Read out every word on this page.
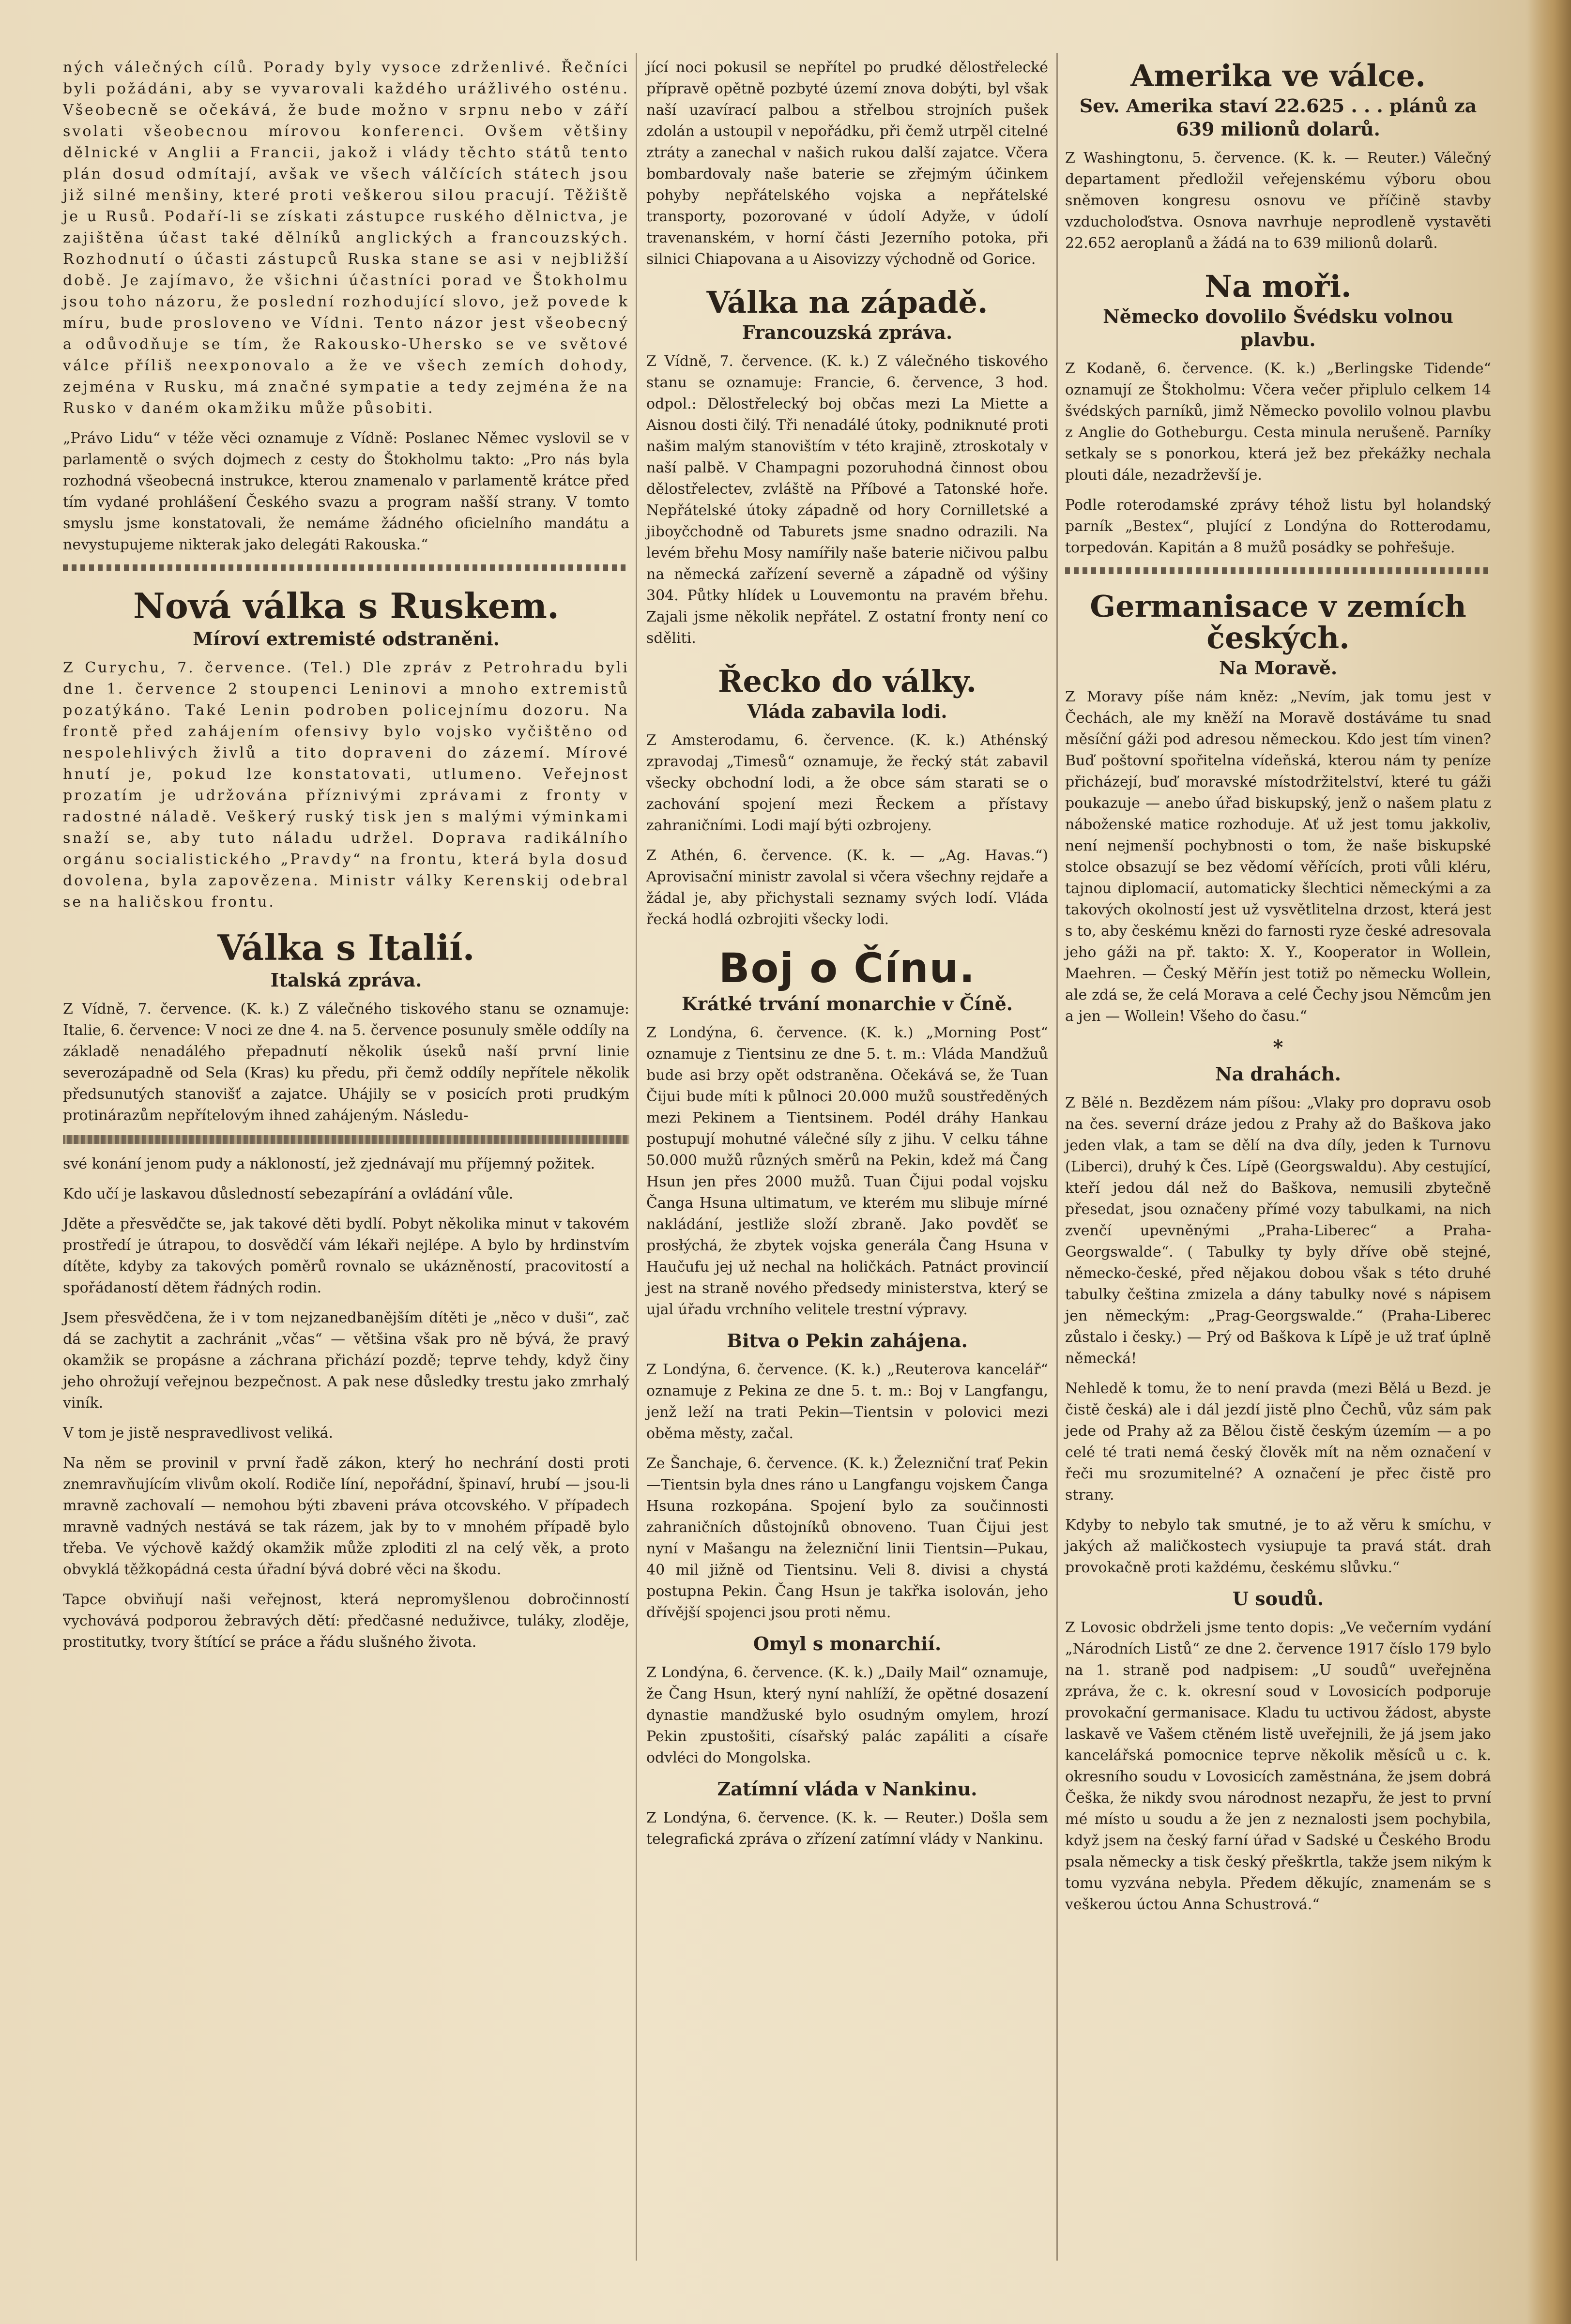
ných válečných cílů. Porady byly vysoce zdrženlivé. Řečníci byli požádáni, aby se vyvarovali každého urážlivého osténu. Všeobecně se očekává, že bude možno v srpnu nebo v září svolati všeobecnou mírovou konferenci. Ovšem většiny dělnické v Anglii a Francii, jakož i vlády těchto států tento plán dosud odmítají, avšak ve všech válčících státech jsou již silné menšiny, které proti veškerou silou pracují. Těžiště je u Rusů. Podaří-li se získati zástupce ruského dělnictva, je zajištěna účast také dělníků anglických a francouzských. Rozhodnutí o účasti zástupců Ruska stane se asi v nejbližší době. Je zajímavo, že všichni účastníci porad ve Štokholmu jsou toho názoru, že poslední rozhodující slovo, jež povede k míru, bude prosloveno ve Vídni. Tento názor jest všeobecný a odůvodňuje se tím, že Rakousko-Uhersko se ve světové válce příliš neexponovalo a že ve všech zemích dohody, zejména v Rusku, má značné sympatie a tedy zejména že na Rusko v daném okamžiku může působiti.

„Právo Lidu“ v téže věci oznamuje z Vídně: Poslanec Němec vyslovil se v parlamentě o svých dojmech z cesty do Štokholmu takto: „Pro nás byla rozhodná všeobecná instrukce, kterou znamenalo v parlamentě krátce před tím vydané prohlášení Českého svazu a program našší strany. V tomto smyslu jsme konstatovali, že nemáme žádného oficielního mandátu a nevystupujeme nikterak jako delegáti Rakouska.“

Nová válka s Ruskem.
Míroví extremisté odstraněni.

Z Curychu, 7. července. (Tel.) Dle zpráv z Petrohradu byli dne 1. července 2 stoupenci Leninovi a mnoho extremistů pozatýkáno. Také Lenin podroben policejnímu dozoru. Na frontě před zahájením ofensivy bylo vojsko vyčištěno od nespolehlivých živlů a tito dopraveni do zázemí. Mírové hnutí je, pokud lze konstatovati, utlumeno. Veřejnost prozatím je udržována příznivými zprávami z fronty v radostné náladě. Veškerý ruský tisk jen s malými výminkami snaží se, aby tuto náladu udržel. Doprava radikálního orgánu socialistického „Pravdy“ na frontu, která byla dosud dovolena, byla zapovězena. Ministr války Kerenskij odebral se na haličskou frontu.

Válka s Italií.
Italská zpráva.

Z Vídně, 7. července. (K. k.) Z válečného tiskového stanu se oznamuje: Italie, 6. července: V noci ze dne 4. na 5. července posunuly směle oddíly na základě nenadálého přepadnutí několik úseků naší první linie severozápadně od Sela (Kras) ku předu, při čemž oddíly nepřítele několik předsunutých stanovišť a zajatce. Uhájily se v posicích proti prudkým protinárazům nepřítelovým ihned zahájeným. Následu-

své konání jenom pudy a nákloností, jež zjednávají mu příjemný požitek.

Kdo učí je laskavou důsledností sebezapírání a ovládání vůle.

Jděte a přesvědčte se, jak takové děti bydlí. Pobyt několika minut v takovém prostředí je útrapou, to dosvědčí vám lékaři nejlépe. A bylo by hrdinstvím dítěte, kdyby za takových poměrů rovnalo se ukázněností, pracovitostí a spořádaností dětem řádných rodin.

Jsem přesvědčena, že i v tom nejzanedbanějším dítěti je „něco v duši“, zač dá se zachytit a zachránit „včas“ — většina však pro ně bývá, že pravý okamžik se propásne a záchrana přichází pozdě; teprve tehdy, když činy jeho ohrožují veřejnou bezpečnost. A pak nese důsledky trestu jako zmrhalý viník.

V tom je jistě nespravedlivost veliká.

Na něm se provinil v první řadě zákon, který ho nechrání dosti proti znemravňujícím vlivům okolí. Rodiče líní, nepořádní, špinaví, hrubí — jsou-li mravně zachovalí — nemohou býti zbaveni práva otcovského. V případech mravně vadných nestává se tak rázem, jak by to v mnohém případě bylo třeba. Ve výchově každý okamžik může zploditi zl na celý věk, a proto obvyklá těžkopádná cesta úřadní bývá dobré věci na škodu.

Tapce obviňují naši veřejnost, která nepromyšlenou dobročinností vychovává podporou žebravých dětí: předčasné neduživce, tuláky, zloděje, prostitutky, tvory štítící se práce a řádu slušného života.

jící noci pokusil se nepřítel po prudké dělostřelecké přípravě opětně pozbyté území znova dobýti, byl však naší uzavírací palbou a střelbou strojních pušek zdolán a ustoupil v nepořádku, při čemž utrpěl citelné ztráty a zanechal v našich rukou další zajatce. Včera bombardovaly naše baterie se zřejmým účinkem pohyby nepřátelského vojska a nepřátelské transporty, pozorované v údolí Adyže, v údolí travenanském, v horní části Jezerního potoka, při silnici Chiapovana a u Aisovizzy východně od Gorice.

Válka na západě.
Francouzská zpráva.

Z Vídně, 7. července. (K. k.) Z válečného tiskového stanu se oznamuje: Francie, 6. července, 3 hod. odpol.: Dělostřelecký boj občas mezi La Miette a Aisnou dosti čilý. Tři nenadálé útoky, podniknuté proti našim malým stanovištím v této krajině, ztroskotaly v naší palbě. V Champagni pozoruhodná činnost obou dělostřelectev, zvláště na Příbové a Tatonské hoře. Nepřátelské útoky západně od hory Cornilletské a jiboyčchodně od Taburets jsme snadno odrazili. Na levém břehu Mosy namířily naše baterie ničivou palbu na německá zařízení severně a západně od výšiny 304. Půtky hlídek u Louvemontu na pravém břehu. Zajali jsme několik nepřátel. Z ostatní fronty není co sděliti.

Řecko do války.
Vláda zabavila lodi.

Z Amsterodamu, 6. července. (K. k.) Athénský zpravodaj „Timesů“ oznamuje, že řecký stát zabavil všecky obchodní lodi, a že obce sám starati se o zachování spojení mezi Řeckem a přístavy zahraničními. Lodi mají býti ozbrojeny.

Z Athén, 6. července. (K. k. — „Ag. Havas.“) Aprovisační ministr zavolal si včera všechny rejdaře a žádal je, aby přichystali seznamy svých lodí. Vláda řecká hodlá ozbrojiti všecky lodi.

Boj o Čínu.
Krátké trvání monarchie v Číně.

Z Londýna, 6. července. (K. k.) „Morning Post“ oznamuje z Tientsinu ze dne 5. t. m.: Vláda Mandžuů bude asi brzy opět odstraněna. Očekává se, že Tuan Čijui bude míti k půlnoci 20.000 mužů soustředěných mezi Pekinem a Tientsinem. Podél dráhy Hankau postupují mohutné válečné síly z jihu. V celku táhne 50.000 mužů různých směrů na Pekin, kdež má Čang Hsun jen přes 2000 mužů. Tuan Čijui podal vojsku Čanga Hsuna ultimatum, ve kterém mu slibuje mírné nakládání, jestliže složí zbraně. Jako povděť se prosłýchá, že zbytek vojska generála Čang Hsuna v Haučufu jej už nechal na holičkách. Patnáct provincií jest na straně nového předsedy ministerstva, který se ujal úřadu vrchního velitele trestní výpravy.

Bitva o Pekin zahájena.

Z Londýna, 6. července. (K. k.) „Reuterova kancelář“ oznamuje z Pekina ze dne 5. t. m.: Boj v Langfangu, jenž leží na trati Pekin—Tientsin v polovici mezi oběma městy, začal.

Ze Šanchaje, 6. července. (K. k.) Železniční trať Pekin—Tientsin byla dnes ráno u Langfangu vojskem Čanga Hsuna rozkopána. Spojení bylo za součinnosti zahraničních důstojníků obnoveno. Tuan Čijui jest nyní v Mašangu na železniční linii Tientsin—Pukau, 40 mil jižně od Tientsinu. Veli 8. divisi a chystá postupna Pekin. Čang Hsun je takřka isolován, jeho dřívější spojenci jsou proti němu.

Omyl s monarchií.

Z Londýna, 6. července. (K. k.) „Daily Mail“ oznamuje, že Čang Hsun, který nyní nahlíží, že opětné dosazení dynastie mandžuské bylo osudným omylem, hrozí Pekin zpustošiti, císařský palác zapáliti a císaře odvléci do Mongolska.

Zatímní vláda v Nankinu.

Z Londýna, 6. července. (K. k. — Reuter.) Došla sem telegrafická zpráva o zřízení zatímní vlády v Nankinu.

Amerika ve válce.
Sev. Amerika staví 22.625 . . . plánů za 639 milionů dolarů.

Z Washingtonu, 5. července. (K. k. — Reuter.) Válečný departament předložil veřejenskému výboru obou sněmoven kongresu osnovu ve příčině stavby vzducholoďstva. Osnova navrhuje neprodleně vystavěti 22.652 aeroplanů a žádá na to 639 milionů dolarů.

Na moři.
Německo dovolilo Švédsku volnou plavbu.

Z Kodaně, 6. července. (K. k.) „Berlingske Tidende“ oznamují ze Štokholmu: Včera večer připlulo celkem 14 švédských parníků, jimž Německo povolilo volnou plavbu z Anglie do Gotheburgu. Cesta minula nerušeně. Parníky setkaly se s ponorkou, která jež bez překážky nechala plouti dále, nezadrževší je.

Podle roterodamské zprávy téhož listu byl holandský parník „Bestex“, plující z Londýna do Rotterodamu, torpedován. Kapitán a 8 mužů posádky se pohřešuje.

Germanisace v zemích českých.
Na Moravě.

Z Moravy píše nám kněz: „Nevím, jak tomu jest v Čechách, ale my kněží na Moravě dostáváme tu snad měsíční gáži pod adresou německou. Kdo jest tím vinen? Buď poštovní spořitelna vídeňská, kterou nám ty peníze přicházejí, buď moravské místodržitelství, které tu gáži poukazuje — anebo úřad biskupský, jenž o našem platu z náboženské matice rozhoduje. Ať už jest tomu jakkoliv, není nejmenší pochybnosti o tom, že naše biskupské stolce obsazují se bez vědomí věřících, proti vůli kléru, tajnou diplomacií, automaticky šlechtici německými a za takových okolností jest už vysvětlitelna drzost, která jest s to, aby českému knězi do farnosti ryze české adresovala jeho gáži na př. takto: X. Y., Kooperator in Wollein, Maehren. — Český Měřín jest totiž po německu Wollein, ale zdá se, že celá Morava a celé Čechy jsou Němcům jen a jen — Wollein! Všeho do času.“

*
Na drahách.

Z Bělé n. Bezdězem nám píšou: „Vlaky pro dopravu osob na čes. severní dráze jedou z Prahy až do Baškova jako jeden vlak, a tam se dělí na dva díly, jeden k Turnovu (Liberci), druhý k Čes. Lípě (Georgswaldu). Aby cestující, kteří jedou dál než do Baškova, nemusili zbytečně přesedat, jsou označeny přímé vozy tabulkami, na nich zvenčí upevněnými „Praha-Liberec“ a Praha-Georgswalde“. ( Tabulky ty byly dříve obě stejné, německo-české, před nějakou dobou však s této druhé tabulky čeština zmizela a dány tabulky nové s nápisem jen německým: „Prag-Georgswalde.“ (Praha-Liberec zůstalo i česky.) — Prý od Baškova k Lípě je už trať úplně německá!

Nehledě k tomu, že to není pravda (mezi Bělá u Bezd. je čistě česká) ale i dál jezdí jistě plno Čechů, vůz sám pak jede od Prahy až za Bělou čistě českým územím — a po celé té trati nemá český člověk mít na něm označení v řeči mu srozumitelné? A označení je přec čistě pro strany.

Kdyby to nebylo tak smutné, je to až věru k smíchu, v jakých až maličkostech vysiupuje ta pravá stát. drah provokačně proti každému, českému slůvku.“

U soudů.

Z Lovosic obdrželi jsme tento dopis: „Ve večerním vydání „Národních Listů“ ze dne 2. července 1917 číslo 179 bylo na 1. straně pod nadpisem: „U soudů“ uveřejněna zpráva, že c. k. okresní soud v Lovosicích podporuje provokační germanisace. Kladu tu uctivou žádost, abyste laskavě ve Vašem ctěném listě uveřejnili, že já jsem jako kancelářská pomocnice teprve několik měsíců u c. k. okresního soudu v Lovosicích zaměstnána, že jsem dobrá Češka, že nikdy svou národnost nezapřu, že jest to první mé místo u soudu a že jen z neznalosti jsem pochybila, když jsem na český farní úřad v Sadské u Českého Brodu psala německy a tisk český přeškrtla, takže jsem nikým k tomu vyzvána nebyla. Předem děkujíc, znamenám se s veškerou úctou Anna Schustrová.“
